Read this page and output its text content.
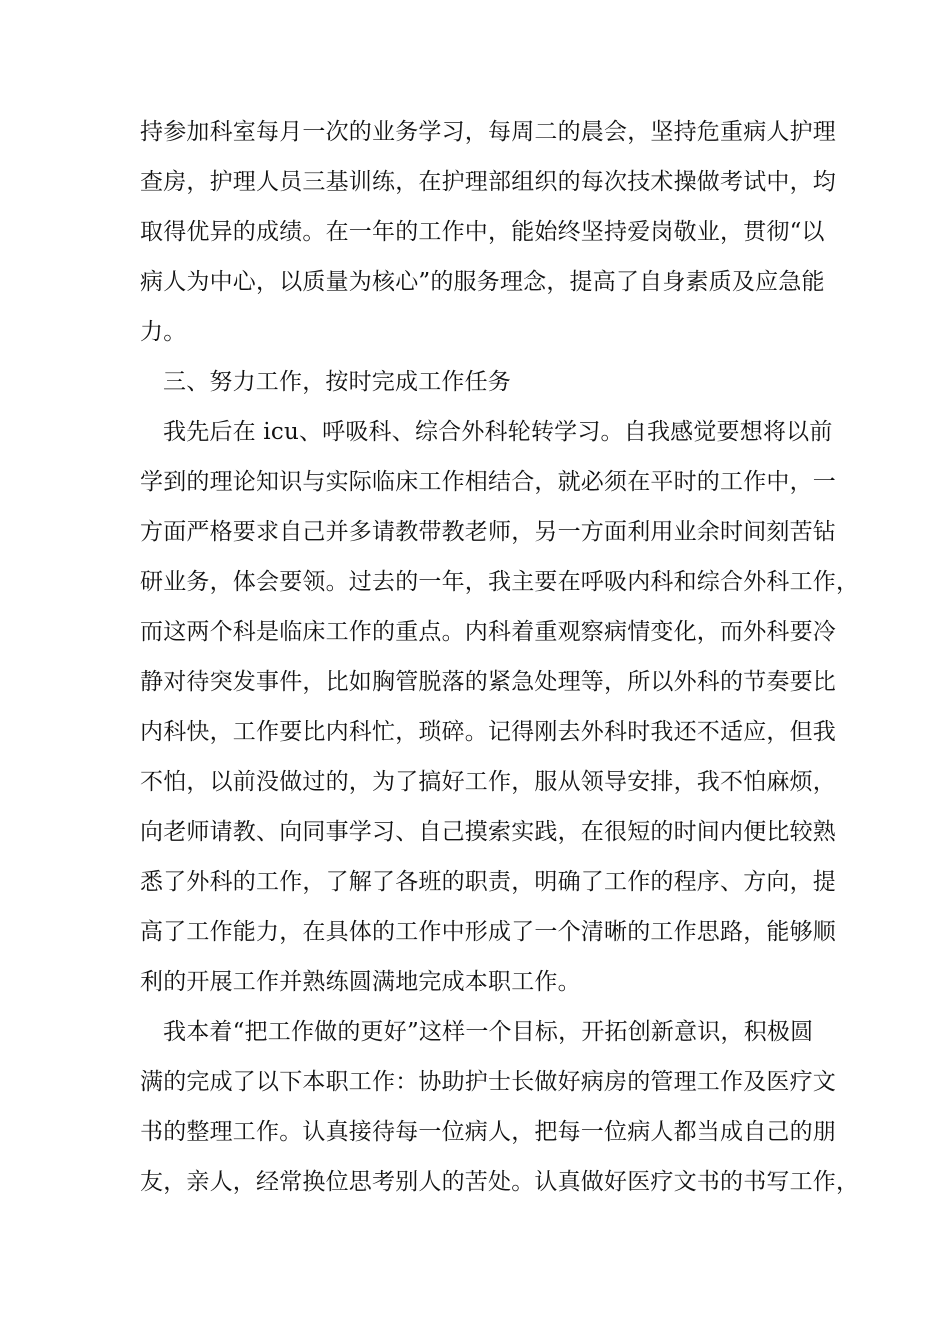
持参加科室每月一次的业务学习，每周二的晨会，坚持危重病人护理
查房，护理人员三基训练，在护理部组织的每次技术操做考试中，均
取得优异的成绩。在一年的工作中，能始终坚持爱岗敬业，贯彻“以
病人为中心，以质量为核心”的服务理念，提高了自身素质及应急能
力。
三、努力工作，按时完成工作任务
我先后在 icu、呼吸科、综合外科轮转学习。自我感觉要想将以前
学到的理论知识与实际临床工作相结合，就必须在平时的工作中，一
方面严格要求自己并多请教带教老师，另一方面利用业余时间刻苦钻
研业务，体会要领。过去的一年，我主要在呼吸内科和综合外科工作，
而这两个科是临床工作的重点。内科着重观察病情变化，而外科要冷
静对待突发事件，比如胸管脱落的紧急处理等，所以外科的节奏要比
内科快，工作要比内科忙，琐碎。记得刚去外科时我还不适应，但我
不怕，以前没做过的，为了搞好工作，服从领导安排，我不怕麻烦，
向老师请教、向同事学习、自己摸索实践，在很短的时间内便比较熟
悉了外科的工作，了解了各班的职责，明确了工作的程序、方向，提
高了工作能力，在具体的工作中形成了一个清晰的工作思路，能够顺
利的开展工作并熟练圆满地完成本职工作。
我本着“把工作做的更好”这样一个目标，开拓创新意识，积极圆
满的完成了以下本职工作：协助护士长做好病房的管理工作及医疗文
书的整理工作。认真接待每一位病人，把每一位病人都当成自己的朋
友，亲人，经常换位思考别人的苦处。认真做好医疗文书的书写工作，
